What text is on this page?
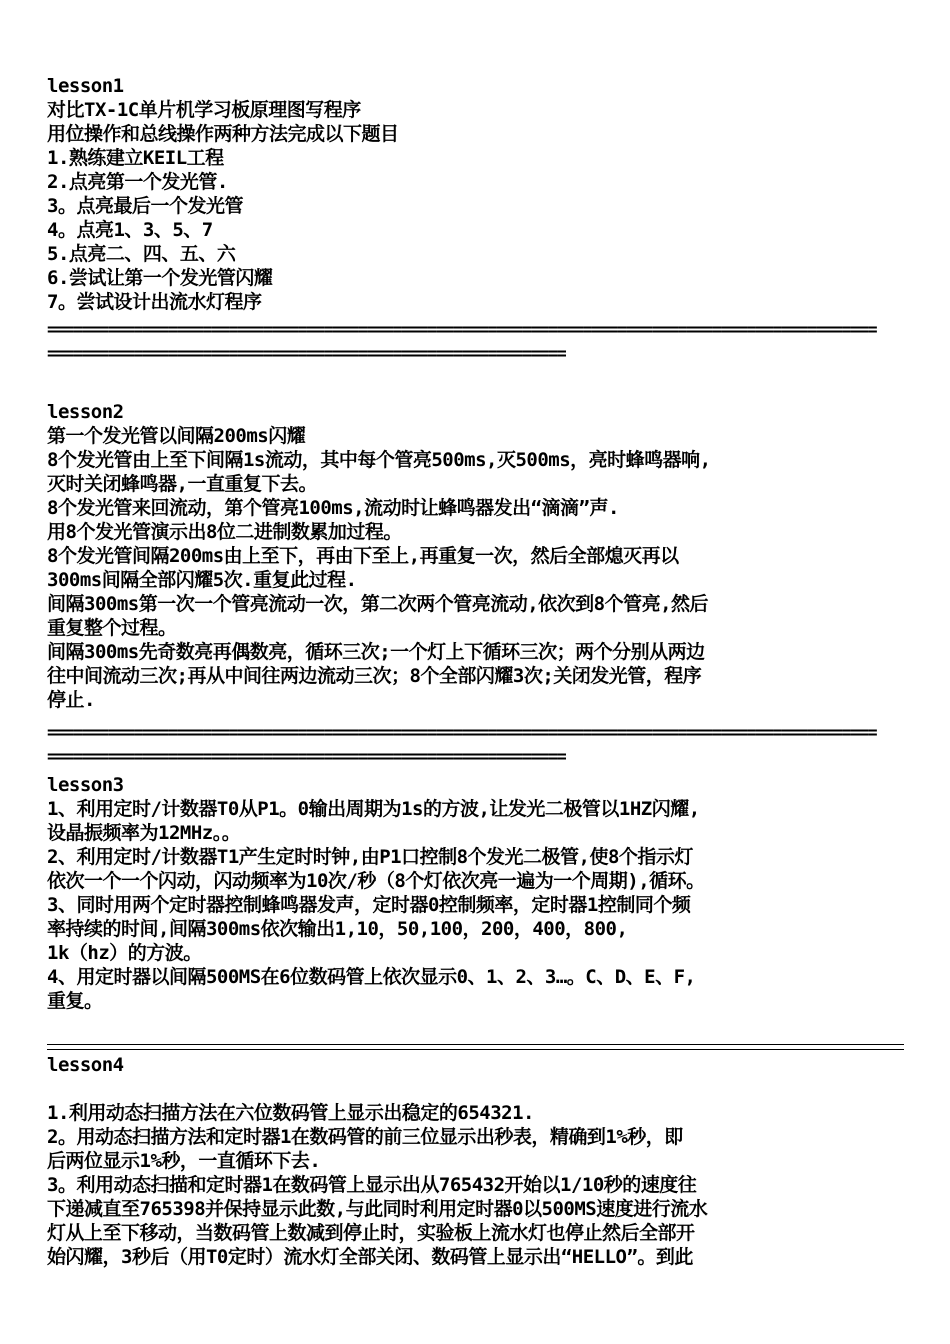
lesson1
对比TX-1C单片机学习板原理图写程序
用位操作和总线操作两种方法完成以下题目
1.熟练建立KEIL工程
2.点亮第一个发光管.
3。点亮最后一个发光管
4。点亮1、3、5、7
5.点亮二、四、五、六
6.尝试让第一个发光管闪耀
7。尝试设计出流水灯程序
================================================================================================
============================================================
lesson2
第一个发光管以间隔200ms闪耀
8个发光管由上至下间隔1s流动，其中每个管亮500ms,灭500ms，亮时蜂鸣器响,
灭时关闭蜂鸣器,一直重复下去。
8个发光管来回流动，第个管亮100ms,流动时让蜂鸣器发出“滴滴”声.
用8个发光管演示出8位二进制数累加过程。
8个发光管间隔200ms由上至下，再由下至上,再重复一次，然后全部熄灭再以
300ms间隔全部闪耀5次.重复此过程.
间隔300ms第一次一个管亮流动一次，第二次两个管亮流动,依次到8个管亮,然后
重复整个过程。
间隔300ms先奇数亮再偶数亮，循环三次;一个灯上下循环三次；两个分别从两边
往中间流动三次;再从中间往两边流动三次；8个全部闪耀3次;关闭发光管，程序
停止.
================================================================================================
============================================================
lesson3
1、利用定时/计数器T0从P1。0输出周期为1s的方波,让发光二极管以1HZ闪耀,
设晶振频率为12MHz。。
2、利用定时/计数器T1产生定时时钟,由P1口控制8个发光二极管,使8个指示灯
依次一个一个闪动，闪动频率为10次/秒（8个灯依次亮一遍为一个周期),循环。
3、同时用两个定时器控制蜂鸣器发声，定时器0控制频率，定时器1控制同个频
率持续的时间,间隔300ms依次输出1,10，50,100，200，400，800,
1k（hz）的方波。
4、用定时器以间隔500MS在6位数码管上依次显示0、1、2、3…。C、D、E、F,
重复。
lesson4
1.利用动态扫描方法在六位数码管上显示出稳定的654321.
2。用动态扫描方法和定时器1在数码管的前三位显示出秒表，精确到1%秒，即
后两位显示1%秒，一直循环下去.
3。利用动态扫描和定时器1在数码管上显示出从765432开始以1/10秒的速度往
下递减直至765398并保持显示此数,与此同时利用定时器0以500MS速度进行流水
灯从上至下移动，当数码管上数减到停止时，实验板上流水灯也停止然后全部开
始闪耀，3秒后（用T0定时）流水灯全部关闭、数码管上显示出“HELLO”。到此
